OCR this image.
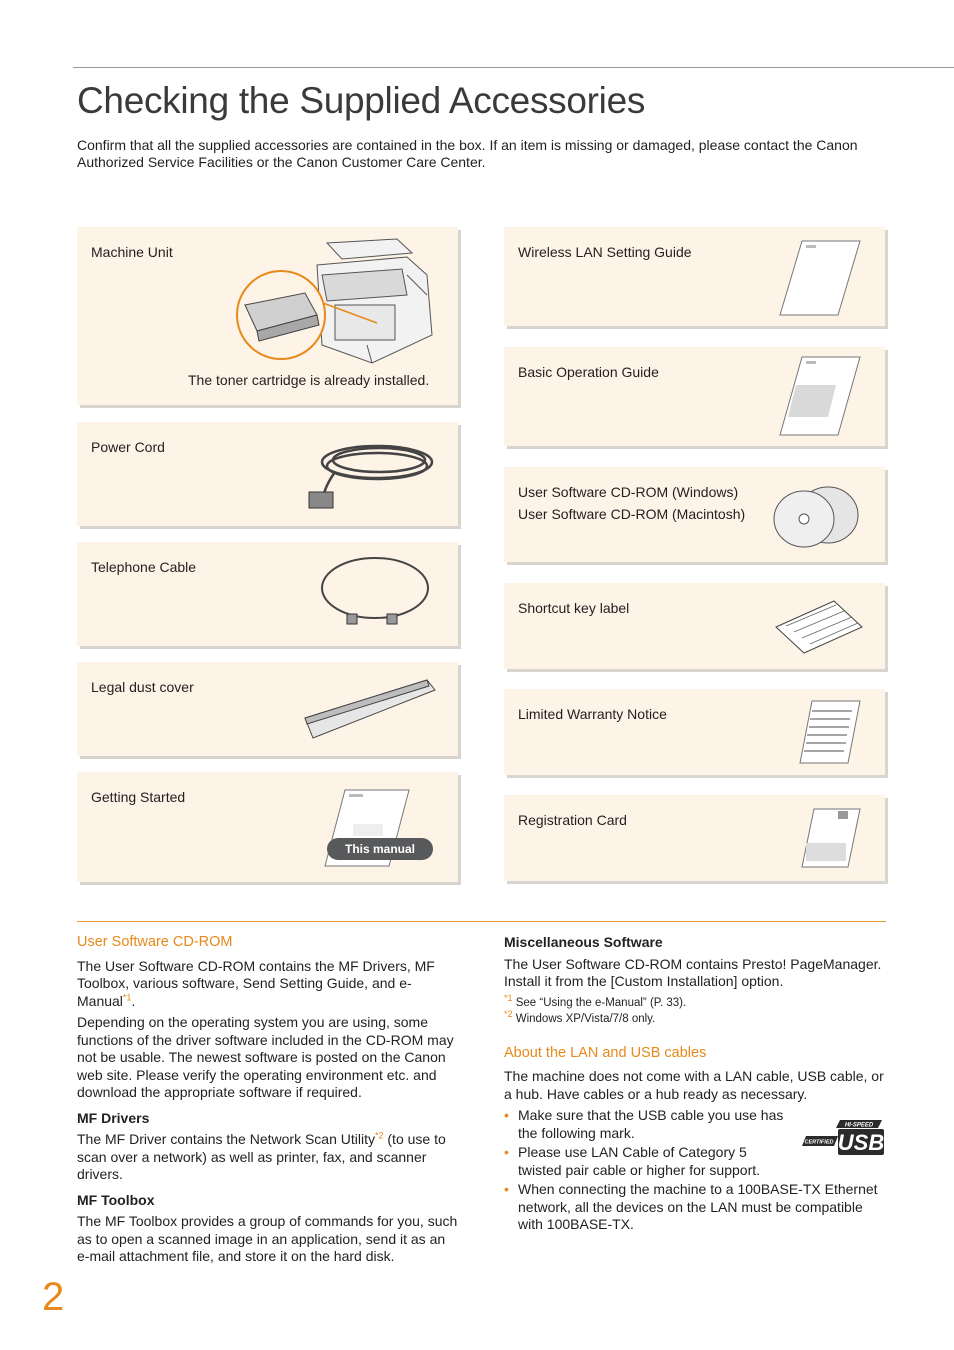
Checking the Supplied Accessories

Confirm that all the supplied accessories are contained in the box. If an item is missing or damaged, please contact the Canon Authorized Service Facilities or the Canon Customer Care Center.

Machine Unit
The toner cartridge is already installed.
Power Cord
Telephone Cable
Legal dust cover
Getting Started
This manual
Wireless LAN Setting Guide
Basic Operation Guide
User Software CD-ROM (Windows)
User Software CD-ROM (Macintosh)
Shortcut key label
Limited Warranty Notice
Registration Card
User Software CD-ROM

The User Software CD-ROM contains the MF Drivers, MF Toolbox, various software, Send Setting Guide, and e-Manual$^{*1}$.

Depending on the operating system you are using, some functions of the driver software included in the CD-ROM may not be usable. The newest software is posted on the Canon web site. Please verify the operating environment etc. and download the appropriate software if required.

MF Drivers

The MF Driver contains the Network Scan Utility$^{*2}$ (to use to scan over a network) as well as printer, fax, and scanner drivers.

MF Toolbox

The MF Toolbox provides a group of commands for you, such as to open a scanned image in an application, send it as an e-mail attachment file, and store it on the hard disk.

Miscellaneous Software

The User Software CD-ROM contains Presto! PageManager. Install it from the [Custom Installation] option.

$^{*1}$ See “Using the e-Manual” (P. 33).
$^{*2}$ Windows XP/Vista/7/8 only.
About the LAN and USB cables

The machine does not come with a LAN cable, USB cable, or a hub. Have cables or a hub ready as necessary.

• Make sure that the USB cable you use has the following mark.
• Please use LAN Cable of Category 5 twisted pair cable or higher for support.
• When connecting the machine to a 100BASE-TX Ethernet network, all the devices on the LAN must be compatible with 100BASE-TX.
HI-SPEED
CERTIFIED USB
2
